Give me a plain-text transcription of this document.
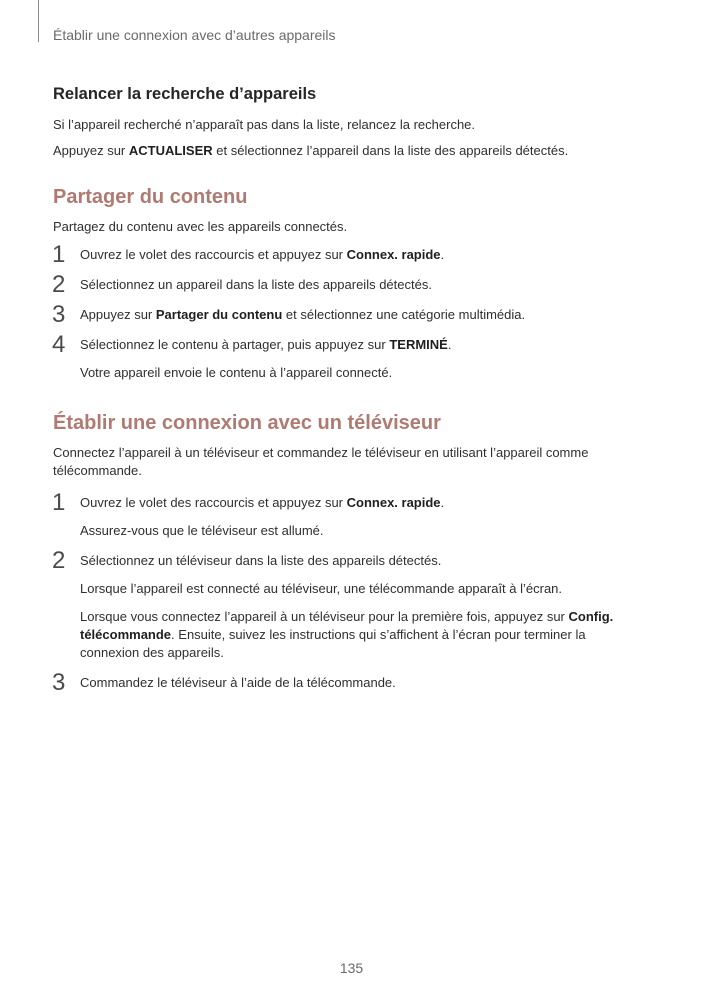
Établir une connexion avec d’autres appareils
Relancer la recherche d’appareils

Si l’appareil recherché n’apparaît pas dans la liste, relancez la recherche.

Appuyez sur ACTUALISER et sélectionnez l’appareil dans la liste des appareils détectés.

Partager du contenu

Partagez du contenu avec les appareils connectés.

1 Ouvrez le volet des raccourcis et appuyez sur Connex. rapide.

2 Sélectionnez un appareil dans la liste des appareils détectés.

3 Appuyez sur Partager du contenu et sélectionnez une catégorie multimédia.

4 Sélectionnez le contenu à partager, puis appuyez sur TERMINÉ.

Votre appareil envoie le contenu à l’appareil connecté.

Établir une connexion avec un téléviseur

Connectez l’appareil à un téléviseur et commandez le téléviseur en utilisant l’appareil comme télécommande.

1 Ouvrez le volet des raccourcis et appuyez sur Connex. rapide.

Assurez-vous que le téléviseur est allumé.

2 Sélectionnez un téléviseur dans la liste des appareils détectés.

Lorsque l’appareil est connecté au téléviseur, une télécommande apparaît à l’écran.

Lorsque vous connectez l’appareil à un téléviseur pour la première fois, appuyez sur Config. télécommande. Ensuite, suivez les instructions qui s’affichent à l’écran pour terminer la connexion des appareils.

3 Commandez le téléviseur à l’aide de la télécommande.

135
